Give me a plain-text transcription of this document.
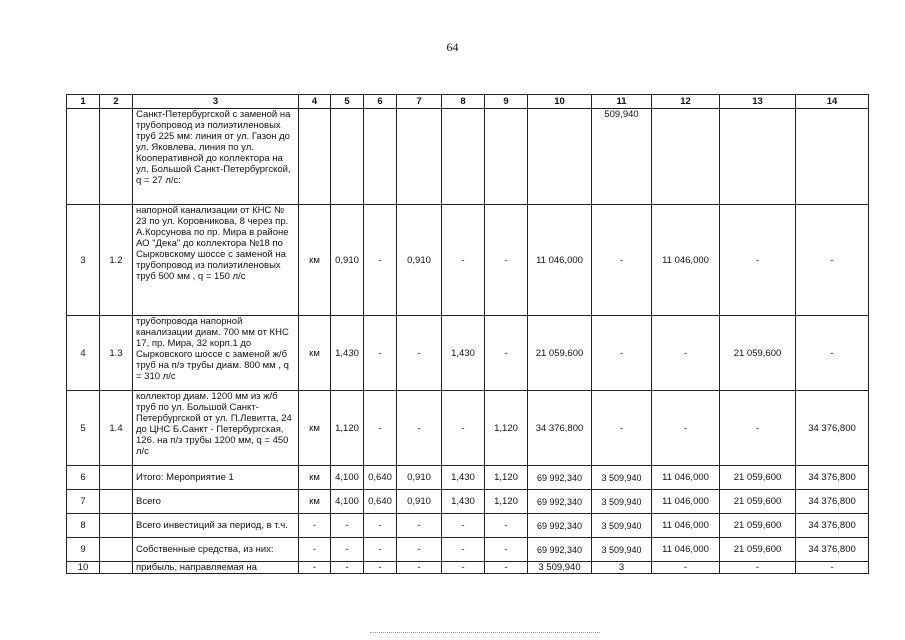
64
1	2	3	4	5	6	7	8	9	10	11	12	13	14
		Санкт-Петербургской с заменой на трубопровод из полиэтиленовых труб 225 мм: линия от ул. Газон до ул. Яковлева, линия по ул. Кооперативной до коллектора на ул. Большой Санкт-Петербургской, q = 27 л/с:								509,940			
3	1.2	напорной канализации от КНС № 23 по ул. Коровникова, 8 через пр. А.Корсунова по пр. Мира в районе АО "Дека" до коллектора №18 по Сырковскому шоссе с заменой на трубопровод из полиэтиленовых труб 500 мм , q = 150 л/с	км	0,910	-	0,910	-	-	11 046,000	-	11 046,000	-	-
4	1.3	трубопровода напорной канализации диам. 700 мм от КНС 17, пр. Мира, 32 корп.1 до Сырковского шоссе с заменой ж/б труб на п/э трубы диам. 800 мм , q = 310 л/с	км	1,430	-	-	1,430	-	21 059,600	-	-	21 059,600	-
5	1.4	коллектор диам. 1200 мм из ж/б труб по ул. Большой Санкт-Петербургской от ул. П.Левитта, 24 до ЦНС Б.Санкт - Петербургская, 126. на п/з трубы 1200 мм, q = 450 л/с	км	1,120	-	-	-	1,120	34 376,800	-	-	-	34 376,800
6		Итого: Мероприятие 1	км	4,100	0,640	0,910	1,430	1,120	69 992,340	3 509,940	11 046,000	21 059,600	34 376,800
7		Всего	км	4,100	0,640	0,910	1,430	1,120	69 992,340	3 509,940	11 046,000	21 059,600	34 376,800
8		Всего инвестиций за период, в т.ч.	-	-	-	-	-	-	69 992,340	3 509,940	11 046,000	21 059,600	34 376,800
9		Собственные средства, из них:	-	-	-	-	-	-	69 992,340	3 509,940	11 046,000	21 059,600	34 376,800
10		прибыль, направляемая на	-	-	-	-	-	-	3 509,940	3	-	-	-
